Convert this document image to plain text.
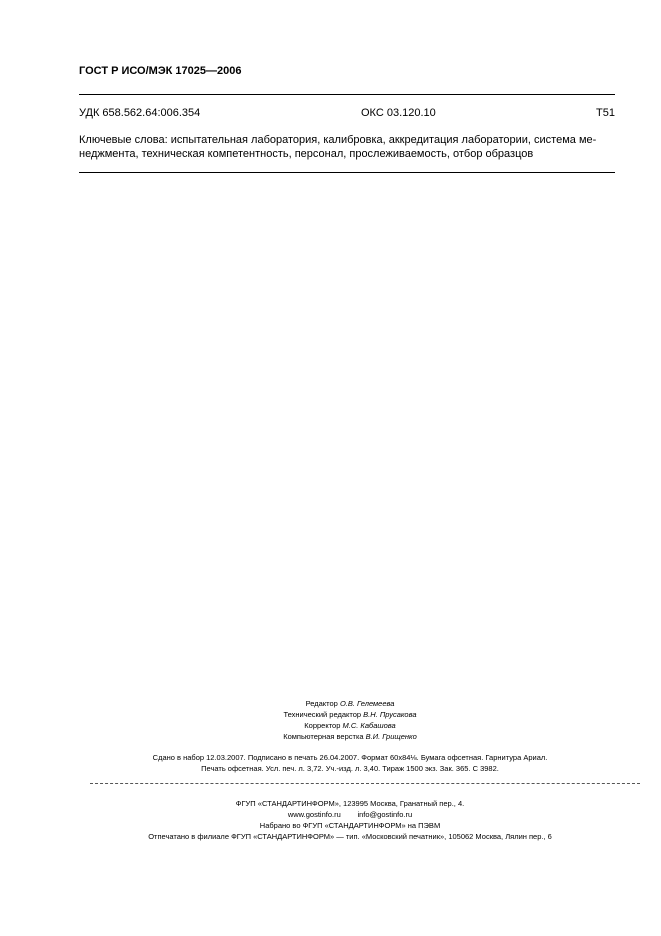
ГОСТ Р ИСО/МЭК 17025—2006
УДК 658.562.64:006.354	ОКС 03.120.10	Т51
Ключевые слова: испытательная лаборатория, калибровка, аккредитация лаборатории, система ме-
неджмента, техническая компетентность, персонал, прослеживаемость, отбор образцов
Редактор О.В. Гелемеева
Технический редактор В.Н. Прусакова
Корректор М.С. Кабашова
Компьютерная верстка В.И. Грищенко
Сдано в набор 12.03.2007. Подписано в печать 26.04.2007. Формат 60x84⅛. Бумага офсетная. Гарнитура Ариал.
Печать офсетная. Усл. печ. л. 3,72. Уч.-изд. л. 3,40. Тираж 1500 экз. Зак. 365. С 3982.
ФГУП «СТАНДАРТИНФОРМ», 123995 Москва, Гранатный пер., 4.
www.gostinfo.ru        info@gostinfo.ru
Набрано во ФГУП «СТАНДАРТИНФОРМ» на ПЭВМ
Отпечатано в филиале ФГУП «СТАНДАРТИНФОРМ» — тип. «Московский печатник», 105062 Москва, Лялин пер., 6
